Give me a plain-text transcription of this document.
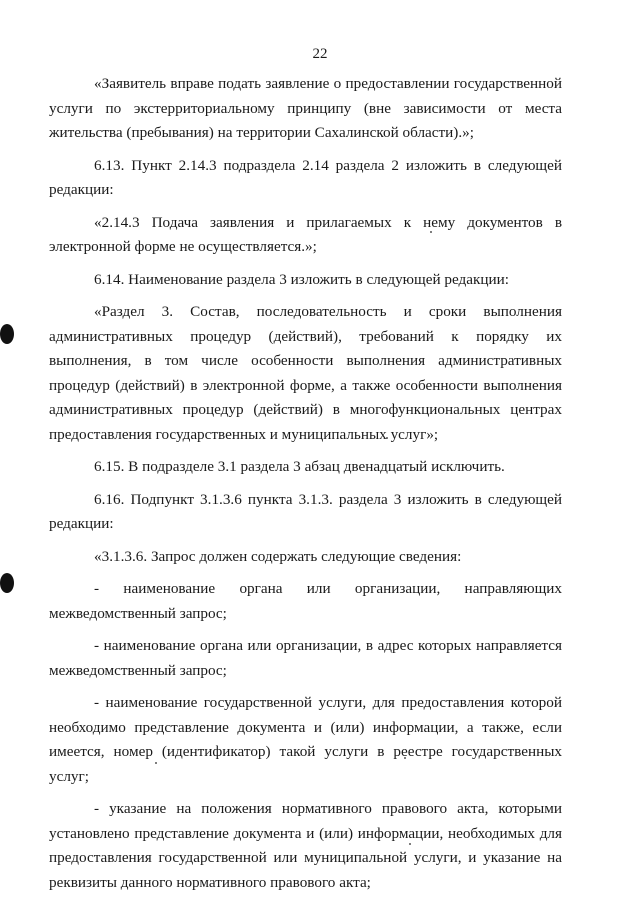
22

«Заявитель вправе подать заявление о предоставлении государственной услуги по экстерриториальному принципу (вне зависимости от места жительства (пребывания) на территории Сахалинской области).»;

6.13. Пункт 2.14.3 подраздела 2.14 раздела 2 изложить в следующей редакции:

«2.14.3 Подача заявления и прилагаемых к нему документов в электронной форме не осуществляется.»;

6.14. Наименование раздела 3 изложить в следующей редакции:

«Раздел 3. Состав, последовательность и сроки выполнения административных процедур (действий), требований к порядку их выполнения, в том числе особенности выполнения административных процедур (действий) в электронной форме, а также особенности выполнения административных процедур (действий) в многофункциональных центрах предоставления государственных и муниципальных услуг»;

6.15. В подразделе 3.1 раздела 3 абзац двенадцатый исключить.

6.16. Подпункт 3.1.3.6 пункта 3.1.3. раздела 3 изложить в следующей редакции:

«3.1.3.6. Запрос должен содержать следующие сведения:

- наименование органа или организации, направляющих межведомственный запрос;

- наименование органа или организации, в адрес которых направляется межведомственный запрос;

- наименование государственной услуги, для предоставления которой необходимо представление документа и (или) информации, а также, если имеется, номер (идентификатор) такой услуги в реестре государственных услуг;

- указание на положения нормативного правового акта, которыми установлено представление документа и (или) информации, необходимых для предоставления государственной или муниципальной услуги, и указание на реквизиты данного нормативного правового акта;
